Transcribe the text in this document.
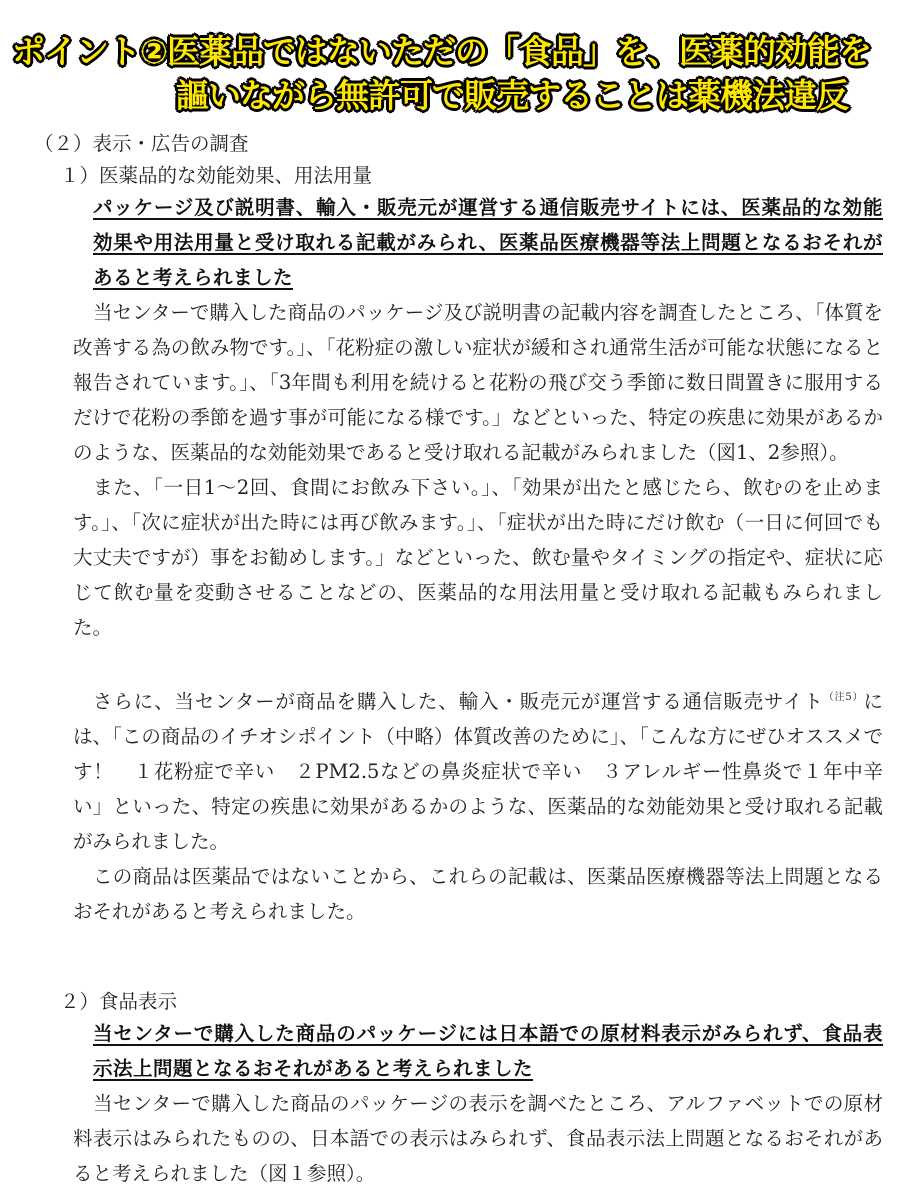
ポイント②医薬品ではないただの「食品」を、医薬的効能を
謳いながら無許可で販売することは薬機法違反
（２）表示・広告の調査
１）医薬品的な効能効果、用法用量

パッケージ及び説明書、輸入・販売元が運営する通信販売サイトには、医薬品的な効能効果や用法用量と受け取れる記載がみられ、医薬品医療機器等法上問題となるおそれがあると考えられました

当センターで購入した商品のパッケージ及び説明書の記載内容を調査したところ、「体質を改善する為の飲み物です。」、「花粉症の激しい症状が緩和され通常生活が可能な状態になると報告されています。」、「3年間も利用を続けると花粉の飛び交う季節に数日間置きに服用するだけで花粉の季節を過す事が可能になる様です。」などといった、特定の疾患に効果があるかのような、医薬品的な効能効果であると受け取れる記載がみられました（図1、2参照）。

また、「一日1〜2回、食間にお飲み下さい。」、「効果が出たと感じたら、飲むのを止めます。」、「次に症状が出た時には再び飲みます。」、「症状が出た時にだけ飲む（一日に何回でも大丈夫ですが）事をお勧めします。」などといった、飲む量やタイミングの指定や、症状に応じて飲む量を変動させることなどの、医薬品的な用法用量と受け取れる記載もみられました。

さらに、当センターが商品を購入した、輸入・販売元が運営する通信販売サイト$^{(注5)}$には、「この商品のイチオシポイント（中略）体質改善のために」、「こんな方にぜひオススメです！　１花粉症で辛い　２PM2.5などの鼻炎症状で辛い　３アレルギー性鼻炎で１年中辛い」といった、特定の疾患に効果があるかのような、医薬品的な効能効果と受け取れる記載がみられました。

この商品は医薬品ではないことから、これらの記載は、医薬品医療機器等法上問題となるおそれがあると考えられました。

２）食品表示

当センターで購入した商品のパッケージには日本語での原材料表示がみられず、食品表示法上問題となるおそれがあると考えられました

当センターで購入した商品のパッケージの表示を調べたところ、アルファベットでの原材料表示はみられたものの、日本語での表示はみられず、食品表示法上問題となるおそれがあると考えられました（図１参照）。
